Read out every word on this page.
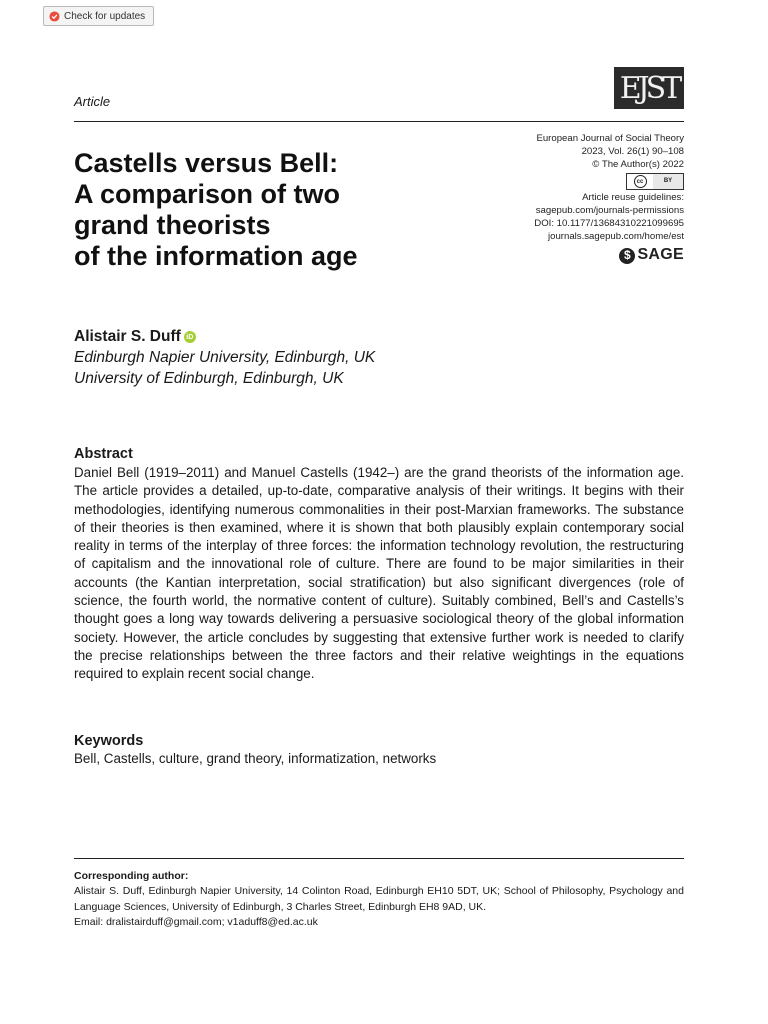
Check for updates
Article	EJST
Castells versus Bell:
A comparison of two
grand theorists
of the information age
European Journal of Social Theory
2023, Vol. 26(1) 90–108
© The Author(s) 2022
cc	BY
Article reuse guidelines:
sagepub.com/journals-permissions
DOI: 10.1177/13684310221099695
journals.sagepub.com/home/est
$ SAGE
Alistair S. Duff iD
Edinburgh Napier University, Edinburgh, UK
University of Edinburgh, Edinburgh, UK
Abstract

Daniel Bell (1919–2011) and Manuel Castells (1942–) are the grand theorists of the information age. The article provides a detailed, up-to-date, comparative analysis of their writings. It begins with their methodologies, identifying numerous commonalities in their post-Marxian frameworks. The substance of their theories is then examined, where it is shown that both plausibly explain contemporary social reality in terms of the interplay of three forces: the information technology revolution, the restructuring of capitalism and the innovational role of culture. There are found to be major similarities in their accounts (the Kantian interpretation, social stratification) but also significant divergences (role of science, the fourth world, the normative content of culture). Suitably combined, Bell’s and Castells’s thought goes a long way towards delivering a persuasive sociological theory of the global information society. However, the article concludes by suggesting that extensive further work is needed to clarify the precise relationships between the three factors and their relative weightings in the equations required to explain recent social change.

Keywords
Bell, Castells, culture, grand theory, informatization, networks
Corresponding author:
Alistair S. Duff, Edinburgh Napier University, 14 Colinton Road, Edinburgh EH10 5DT, UK; School of Philosophy, Psychology and Language Sciences, University of Edinburgh, 3 Charles Street, Edinburgh EH8 9AD, UK.
Email: dralistairduff@gmail.com; v1aduff8@ed.ac.uk
